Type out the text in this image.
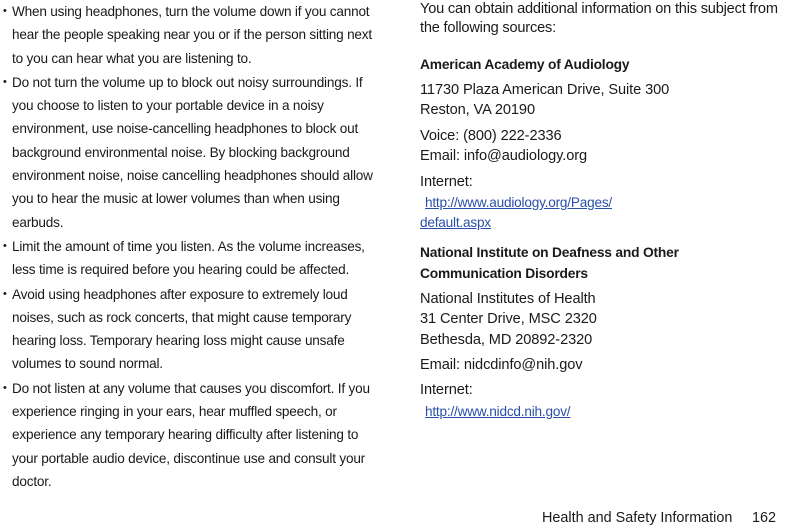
• When using headphones, turn the volume down if you cannot hear the people speaking near you or if the person sitting next to you can hear what you are listening to.
• Do not turn the volume up to block out noisy surroundings. If you choose to listen to your portable device in a noisy environment, use noise-cancelling headphones to block out background environmental noise. By blocking background environment noise, noise cancelling headphones should allow you to hear the music at lower volumes than when using earbuds.
• Limit the amount of time you listen. As the volume increases, less time is required before you hearing could be affected.
• Avoid using headphones after exposure to extremely loud noises, such as rock concerts, that might cause temporary hearing loss. Temporary hearing loss might cause unsafe volumes to sound normal.
• Do not listen at any volume that causes you discomfort. If you experience ringing in your ears, hear muffled speech, or experience any temporary hearing difficulty after listening to your portable audio device, discontinue use and consult your doctor.
You can obtain additional information on this subject from the following sources:
American Academy of Audiology
11730 Plaza American Drive, Suite 300
Reston, VA 20190
Voice: (800) 222-2336
Email: info@audiology.org
Internet:
http://www.audiology.org/Pages/
default.aspx
National Institute on Deafness and Other
Communication Disorders
National Institutes of Health
31 Center Drive, MSC 2320
Bethesda, MD 20892-2320
Email: nidcdinfo@nih.gov
Internet:
http://www.nidcd.nih.gov/
Health and Safety Information 162
